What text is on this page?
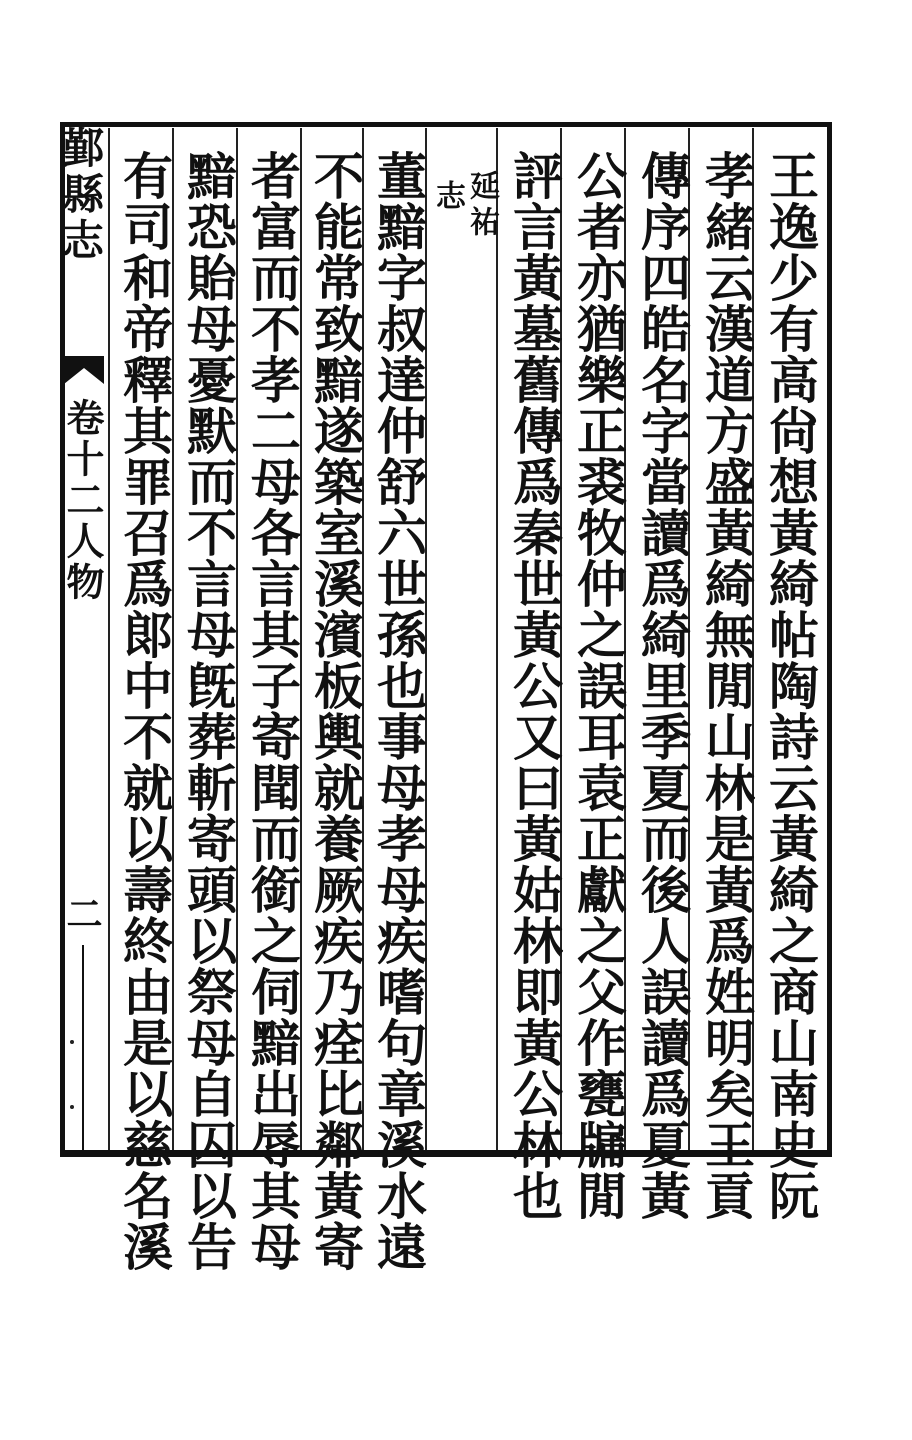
鄞縣志
卷十二人物
二	王逸少有高尙想黃綺帖陶詩云黃綺之商山南史阮
孝緒云漢道方盛黃綺無閒山林是黃爲姓明矣王貢
傳序四皓名字當讀爲綺里季夏而後人誤讀爲夏黃
公者亦猶樂正裘牧仲之誤耳袁正獻之父作甕牖閒
評言黃墓舊傳爲秦世黃公又曰黃姑林即黃公林也
延祐
志
董黯字叔達仲舒六世孫也事母孝母疾嗜句章溪水遠
不能常致黯遂築室溪濱板輿就養厥疾乃痊比鄰黃寄
者富而不孝二母各言其子寄聞而銜之伺黯出辱其母
黯恐貽母憂默而不言母旣葬斬寄頭以祭母自囚以告
有司和帝釋其罪召爲郞中不就以壽終由是以慈名溪
